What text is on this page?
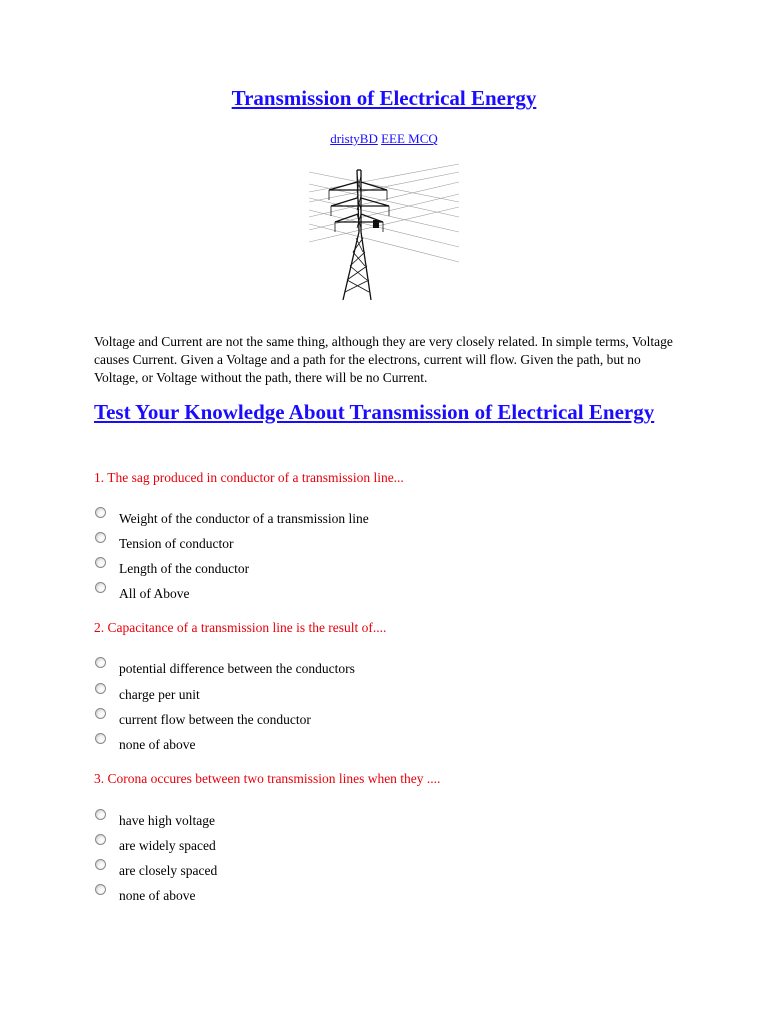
Transmission of Electrical Energy
dristyBD EEE MCQ

Voltage and Current are not the same thing, although they are very closely related. In simple terms, Voltage causes Current. Given a Voltage and a path for the electrons, current will flow. Given the path, but no Voltage, or Voltage without the path, there will be no Current.

Test Your Knowledge About Transmission of Electrical Energy

1. The sag produced in conductor of a transmission line...

Weight of the conductor of a transmission line
Tension of conductor
Length of the conductor
All of Above

2. Capacitance of a transmission line is the result of....

potential difference between the conductors
charge per unit
current flow between the conductor
none of above

3. Corona occures between two transmission lines when they ....

have high voltage
are widely spaced
are closely spaced
none of above
